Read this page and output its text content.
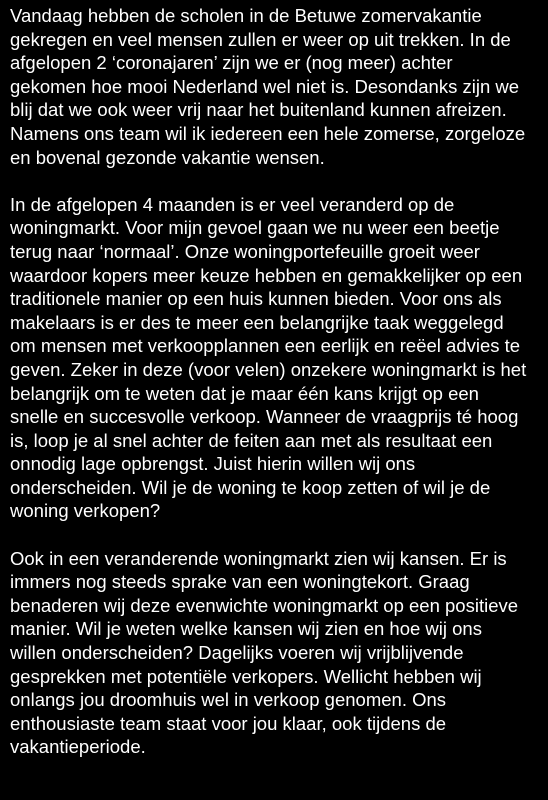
Vandaag hebben de scholen in de Betuwe zomervakantie
gekregen en veel mensen zullen er weer op uit trekken. In de
afgelopen 2 ‘coronajaren’ zijn we er (nog meer) achter
gekomen hoe mooi Nederland wel niet is. Desondanks zijn we
blij dat we ook weer vrij naar het buitenland kunnen afreizen.
Namens ons team wil ik iedereen een hele zomerse, zorgeloze
en bovenal gezonde vakantie wensen.
In de afgelopen 4 maanden is er veel veranderd op de
woningmarkt. Voor mijn gevoel gaan we nu weer een beetje
terug naar ‘normaal’. Onze woningportefeuille groeit weer
waardoor kopers meer keuze hebben en gemakkelijker op een
traditionele manier op een huis kunnen bieden. Voor ons als
makelaars is er des te meer een belangrijke taak weggelegd
om mensen met verkoopplannen een eerlijk en reëel advies te
geven. Zeker in deze (voor velen) onzekere woningmarkt is het
belangrijk om te weten dat je maar één kans krijgt op een
snelle en succesvolle verkoop. Wanneer de vraagprijs té hoog
is, loop je al snel achter de feiten aan met als resultaat een
onnodig lage opbrengst. Juist hierin willen wij ons
onderscheiden. Wil je de woning te koop zetten of wil je de
woning verkopen?
Ook in een veranderende woningmarkt zien wij kansen. Er is
immers nog steeds sprake van een woningtekort. Graag
benaderen wij deze evenwichte woningmarkt op een positieve
manier. Wil je weten welke kansen wij zien en hoe wij ons
willen onderscheiden? Dagelijks voeren wij vrijblijvende
gesprekken met potentiële verkopers. Wellicht hebben wij
onlangs jou droomhuis wel in verkoop genomen. Ons
enthousiaste team staat voor jou klaar, ook tijdens de
vakantieperiode.
